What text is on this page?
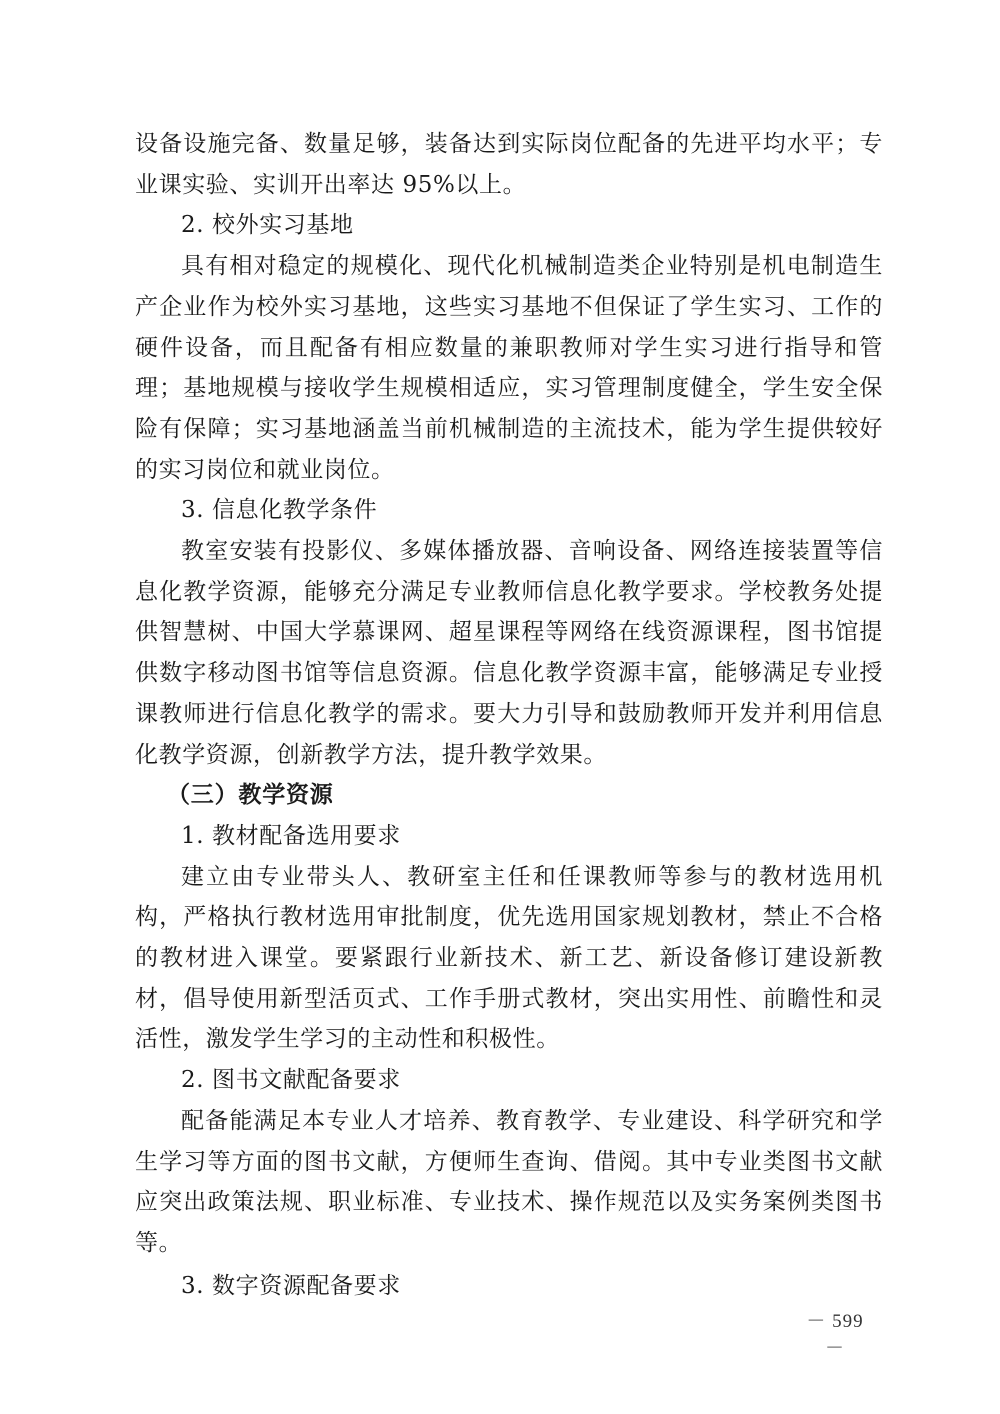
设备设施完备、数量足够，装备达到实际岗位配备的先进平均水平；专业课实验、实训开出率达 95%以上。

2. 校外实习基地

具有相对稳定的规模化、现代化机械制造类企业特别是机电制造生产企业作为校外实习基地，这些实习基地不但保证了学生实习、工作的硬件设备，而且配备有相应数量的兼职教师对学生实习进行指导和管理；基地规模与接收学生规模相适应，实习管理制度健全，学生安全保险有保障；实习基地涵盖当前机械制造的主流技术，能为学生提供较好的实习岗位和就业岗位。

3. 信息化教学条件

教室安装有投影仪、多媒体播放器、音响设备、网络连接装置等信息化教学资源，能够充分满足专业教师信息化教学要求。学校教务处提供智慧树、中国大学慕课网、超星课程等网络在线资源课程，图书馆提供数字移动图书馆等信息资源。信息化教学资源丰富，能够满足专业授课教师进行信息化教学的需求。要大力引导和鼓励教师开发并利用信息化教学资源，创新教学方法，提升教学效果。

（三）教学资源

1. 教材配备选用要求

建立由专业带头人、教研室主任和任课教师等参与的教材选用机构，严格执行教材选用审批制度，优先选用国家规划教材，禁止不合格的教材进入课堂。要紧跟行业新技术、新工艺、新设备修订建设新教材，倡导使用新型活页式、工作手册式教材，突出实用性、前瞻性和灵活性，激发学生学习的主动性和积极性。

2. 图书文献配备要求

配备能满足本专业人才培养、教育教学、专业建设、科学研究和学生学习等方面的图书文献，方便师生查询、借阅。其中专业类图书文献应突出政策法规、职业标准、专业技术、操作规范以及实务案例类图书等。

3. 数字资源配备要求

－ 599 －
